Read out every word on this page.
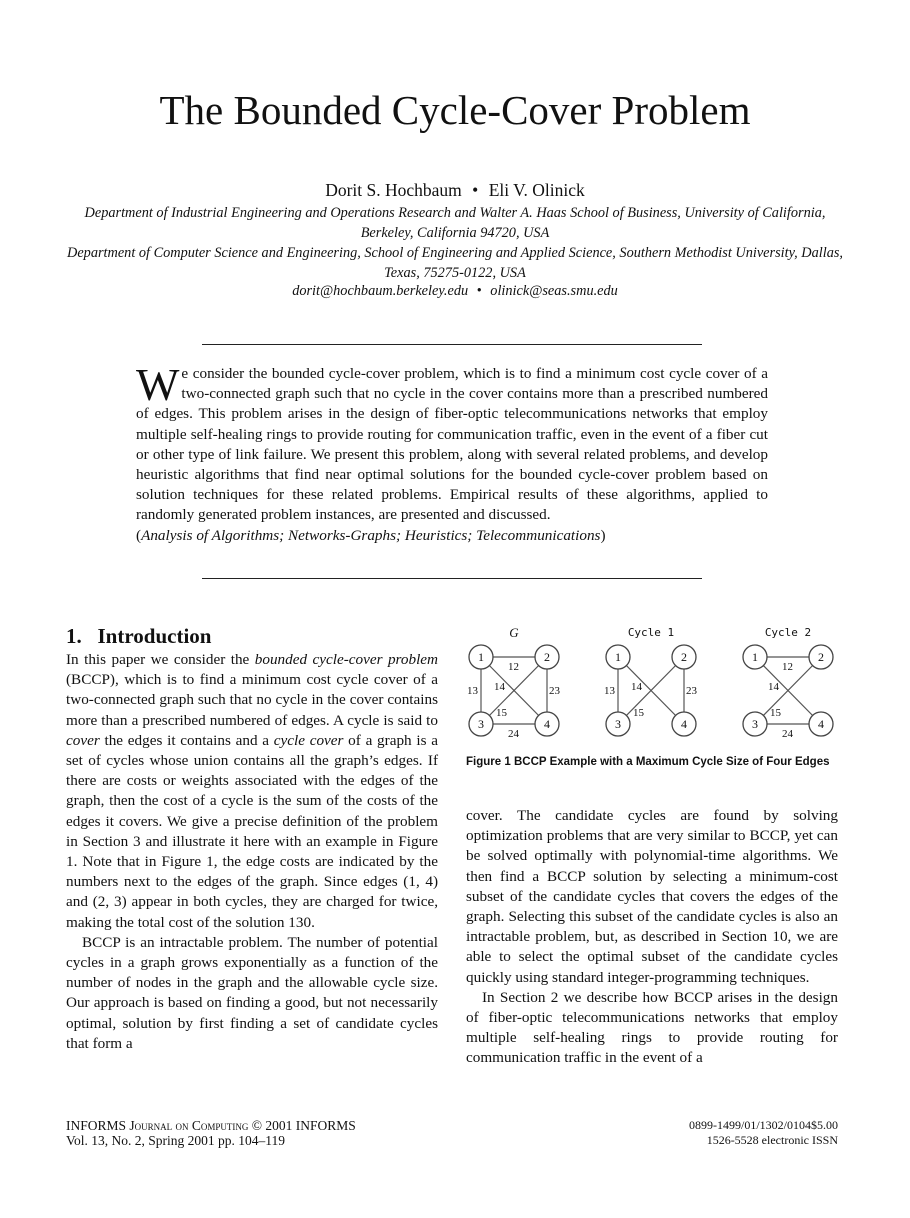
The Bounded Cycle-Cover Problem
Dorit S. Hochbaum • Eli V. Olinick
Department of Industrial Engineering and Operations Research and Walter A. Haas School of Business, University of California, Berkeley, California 94720, USA
Department of Computer Science and Engineering, School of Engineering and Applied Science, Southern Methodist University, Dallas, Texas, 75275-0122, USA
dorit@hochbaum.berkeley.edu • olinick@seas.smu.edu
We consider the bounded cycle-cover problem, which is to find a minimum cost cycle cover of a two-connected graph such that no cycle in the cover contains more than a prescribed numbered of edges. This problem arises in the design of fiber-optic telecommunications networks that employ multiple self-healing rings to provide routing for communication traffic, even in the event of a fiber cut or other type of link failure. We present this problem, along with several related problems, and develop heuristic algorithms that find near optimal solutions for the bounded cycle-cover problem based on solution techniques for these related problems. Empirical results of these algorithms, applied to randomly generated problem instances, are presented and discussed.
(Analysis of Algorithms; Networks-Graphs; Heuristics; Telecommunications)
1. Introduction

In this paper we consider the bounded cycle-cover problem (BCCP), which is to find a minimum cost cycle cover of a two-connected graph such that no cycle in the cover contains more than a prescribed numbered of edges. A cycle is said to cover the edges it contains and a cycle cover of a graph is a set of cycles whose union contains all the graph’s edges. If there are costs or weights associated with the edges of the graph, then the cost of a cycle is the sum of the costs of the edges it covers. We give a precise definition of the problem in Section 3 and illustrate it here with an example in Figure 1. Note that in Figure 1, the edge costs are indicated by the numbers next to the edges of the graph. Since edges (1, 4) and (2, 3) appear in both cycles, they are charged for twice, making the total cost of the solution 130.

BCCP is an intractable problem. The number of potential cycles in a graph grows exponentially as a function of the number of nodes in the graph and the allowable cycle size. Our approach is based on finding a good, but not necessarily optimal, solution by first finding a set of candidate cycles that form a

G
12
13 14	23
15
24
1	2
3	4
Cycle 1
13 14	23
15
1	2
3	4
Cycle 2
12
14
15
24
1	2
3	4
Figure 1 BCCP Example with a Maximum Cycle Size of Four Edges

cover. The candidate cycles are found by solving optimization problems that are very similar to BCCP, yet can be solved optimally with polynomial-time algorithms. We then find a BCCP solution by selecting a minimum-cost subset of the candidate cycles that covers the edges of the graph. Selecting this subset of the candidate cycles is also an intractable problem, but, as described in Section 10, we are able to select the optimal subset of the candidate cycles quickly using standard integer-programming techniques.

In Section 2 we describe how BCCP arises in the design of fiber-optic telecommunications networks that employ multiple self-healing rings to provide routing for communication traffic in the event of a

INFORMS Journal on Computing © 2001 INFORMS
Vol. 13, No. 2, Spring 2001 pp. 104–119
0899-1499/01/1302/0104$5.00
1526-5528 electronic ISSN
